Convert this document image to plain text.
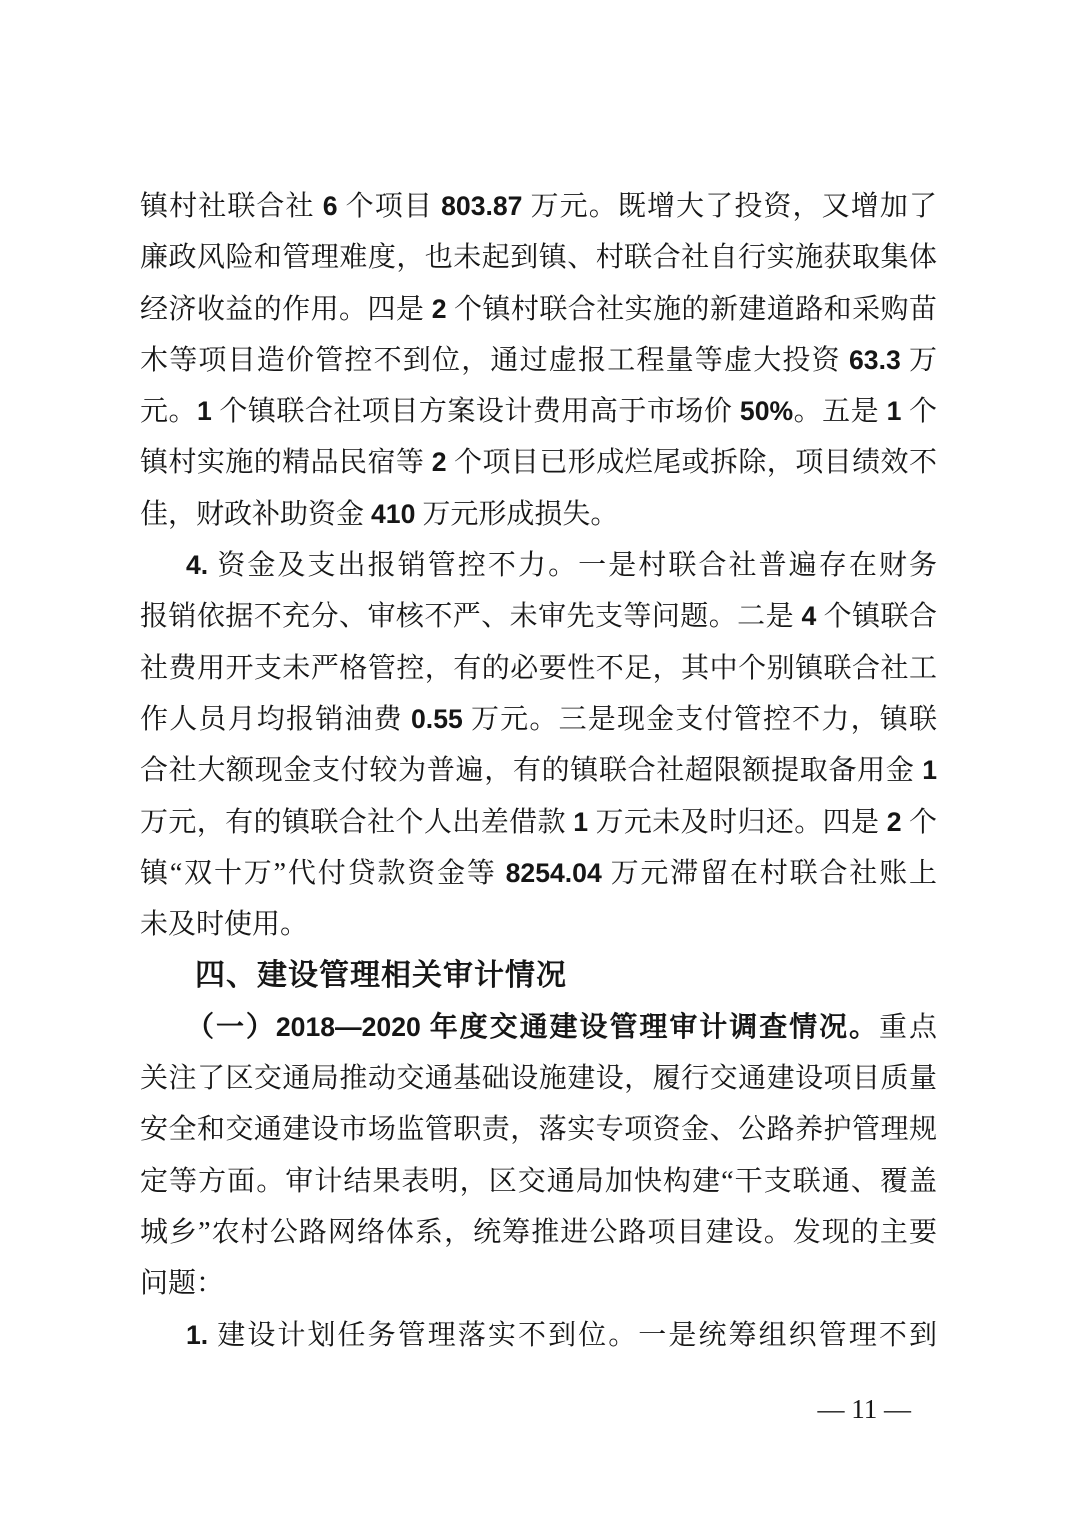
镇村社联合社 6 个项目 803.87 万元。既增大了投资，又增加了
廉政风险和管理难度，也未起到镇、村联合社自行实施获取集体
经济收益的作用。四是 2 个镇村联合社实施的新建道路和采购苗
木等项目造价管控不到位，通过虚报工程量等虚大投资 63.3 万
元。1 个镇联合社项目方案设计费用高于市场价 50%。五是 1 个
镇村实施的精品民宿等 2 个项目已形成烂尾或拆除，项目绩效不
佳，财政补助资金 410 万元形成损失。
4. 资金及支出报销管控不力。一是村联合社普遍存在财务
报销依据不充分、审核不严、未审先支等问题。二是 4 个镇联合
社费用开支未严格管控，有的必要性不足，其中个别镇联合社工
作人员月均报销油费 0.55 万元。三是现金支付管控不力，镇联
合社大额现金支付较为普遍，有的镇联合社超限额提取备用金 1
万元，有的镇联合社个人出差借款 1 万元未及时归还。四是 2 个
镇“双十万”代付贷款资金等 8254.04 万元滞留在村联合社账上
未及时使用。
四、建设管理相关审计情况
（一）2018—2020 年度交通建设管理审计调查情况。重点
关注了区交通局推动交通基础设施建设，履行交通建设项目质量
安全和交通建设市场监管职责，落实专项资金、公路养护管理规
定等方面。审计结果表明，区交通局加快构建“干支联通、覆盖
城乡”农村公路网络体系，统筹推进公路项目建设。发现的主要
问题：
1. 建设计划任务管理落实不到位。一是统筹组织管理不到
— 11 —
